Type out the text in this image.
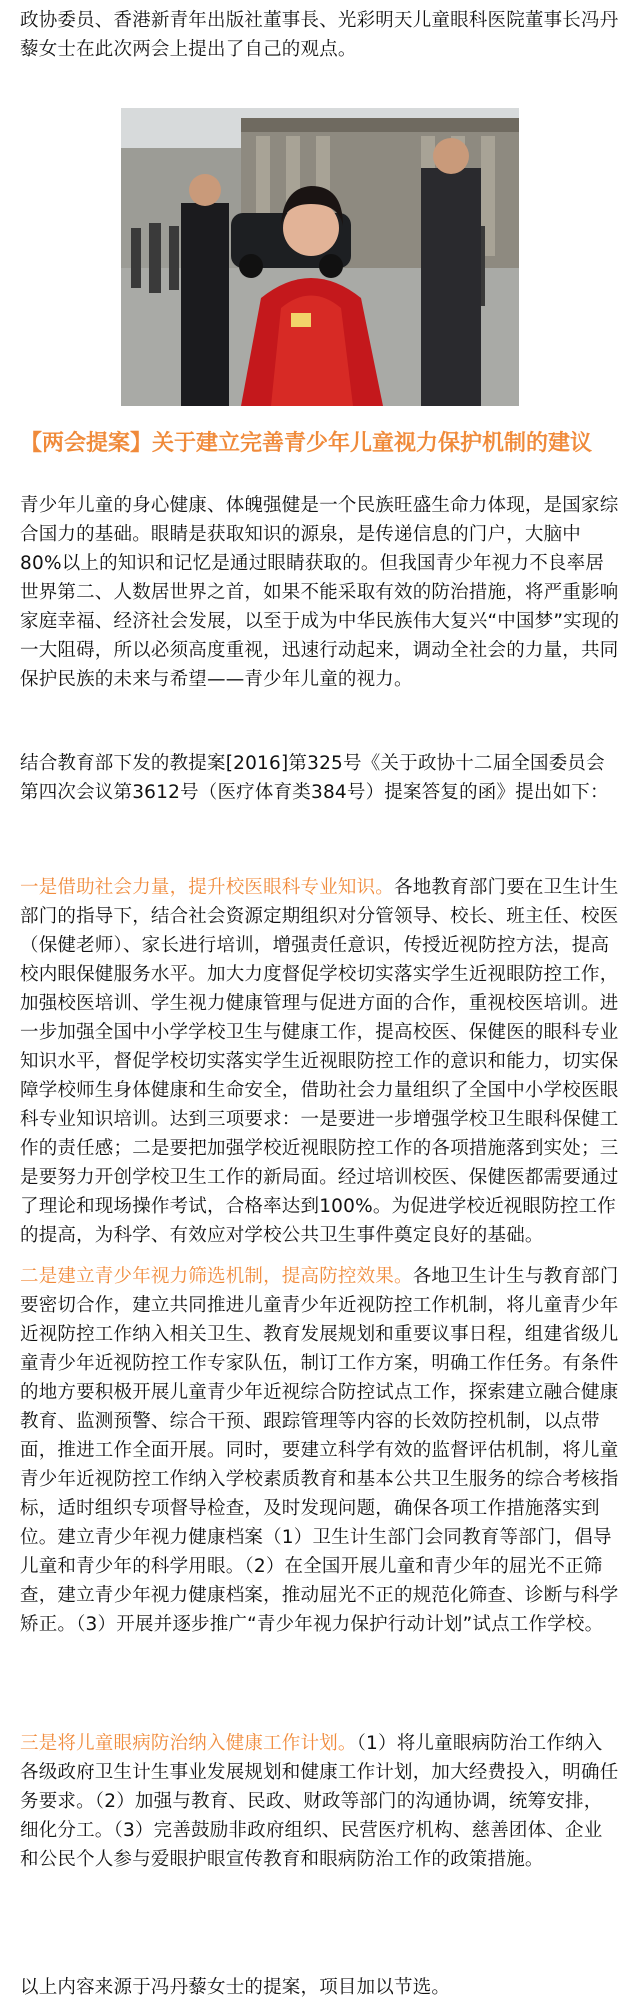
政协委员、香港新青年出版社董事長、光彩明天儿童眼科医院董事长冯丹藜女士在此次两会上提出了自己的观点。

【两会提案】关于建立完善青少年儿童视力保护机制的建议

青少年儿童的身心健康、体魄强健是一个民族旺盛生命力体现，是国家综合国力的基础。眼睛是获取知识的源泉，是传递信息的门户，大脑中80%以上的知识和记忆是通过眼睛获取的。但我国青少年视力不良率居世界第二、人数居世界之首，如果不能采取有效的防治措施，将严重影响家庭幸福、经济社会发展，以至于成为中华民族伟大复兴“中国梦”实现的一大阻碍，所以必须高度重视，迅速行动起来，调动全社会的力量，共同保护民族的未来与希望——青少年儿童的视力。

结合教育部下发的教提案[2016]第325号《关于政协十二届全国委员会第四次会议第3612号（医疗体育类384号）提案答复的函》提出如下：

一是借助社会力量，提升校医眼科专业知识。各地教育部门要在卫生计生部门的指导下，结合社会资源定期组织对分管领导、校长、班主任、校医（保健老师）、家长进行培训，增强责任意识，传授近视防控方法，提高校内眼保健服务水平。加大力度督促学校切实落实学生近视眼防控工作，加强校医培训、学生视力健康管理与促进方面的合作，重视校医培训。进一步加强全国中小学学校卫生与健康工作，提高校医、保健医的眼科专业知识水平，督促学校切实落实学生近视眼防控工作的意识和能力，切实保障学校师生身体健康和生命安全，借助社会力量组织了全国中小学校医眼科专业知识培训。达到三项要求：一是要进一步增强学校卫生眼科保健工作的责任感；二是要把加强学校近视眼防控工作的各项措施落到实处；三是要努力开创学校卫生工作的新局面。经过培训校医、保健医都需要通过了理论和现场操作考试，合格率达到100%。为促进学校近视眼防控工作的提高，为科学、有效应对学校公共卫生事件奠定良好的基础。

二是建立青少年视力筛选机制，提高防控效果。各地卫生计生与教育部门要密切合作，建立共同推进儿童青少年近视防控工作机制，将儿童青少年近视防控工作纳入相关卫生、教育发展规划和重要议事日程，组建省级儿童青少年近视防控工作专家队伍，制订工作方案，明确工作任务。有条件的地方要积极开展儿童青少年近视综合防控试点工作，探索建立融合健康教育、监测预警、综合干预、跟踪管理等内容的长效防控机制，以点带面，推进工作全面开展。同时，要建立科学有效的监督评估机制，将儿童青少年近视防控工作纳入学校素质教育和基本公共卫生服务的综合考核指标，适时组织专项督导检查，及时发现问题，确保各项工作措施落实到位。建立青少年视力健康档案（1）卫生计生部门会同教育等部门，倡导儿童和青少年的科学用眼。（2）在全国开展儿童和青少年的屈光不正筛查，建立青少年视力健康档案，推动屈光不正的规范化筛查、诊断与科学矫正。（3）开展并逐步推广“青少年视力保护行动计划”试点工作学校。

三是将儿童眼病防治纳入健康工作计划。（1）将儿童眼病防治工作纳入各级政府卫生计生事业发展规划和健康工作计划，加大经费投入，明确任务要求。（2）加强与教育、民政、财政等部门的沟通协调，统筹安排，细化分工。（3）完善鼓励非政府组织、民营医疗机构、慈善团体、企业和公民个人参与爱眼护眼宣传教育和眼病防治工作的政策措施。

以上内容来源于冯丹藜女士的提案，项目加以节选。
